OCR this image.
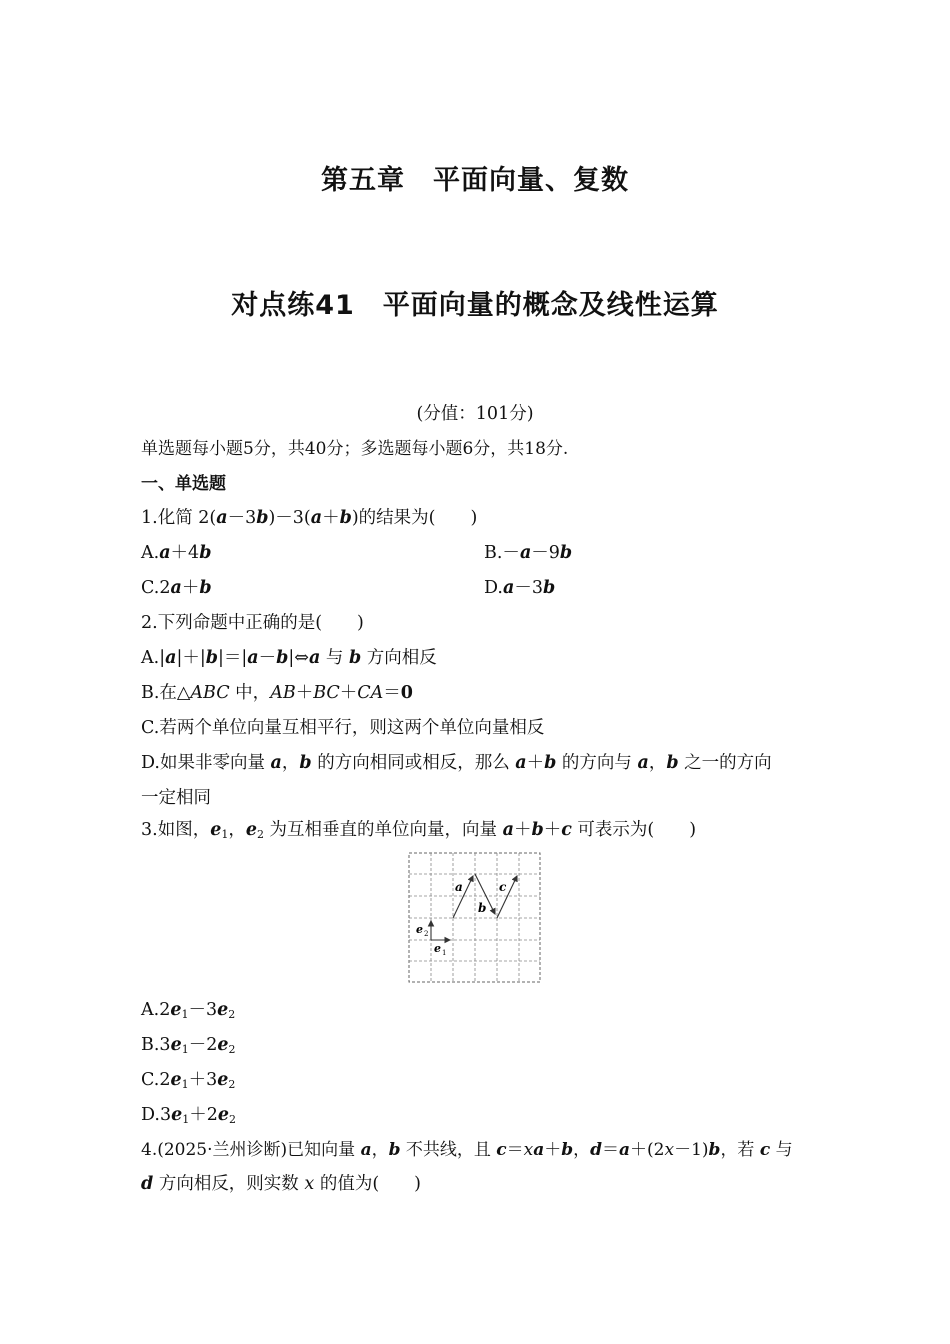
第五章　平面向量、复数
对点练41　平面向量的概念及线性运算
(分值：101分)
单选题每小题5分，共40分；多选题每小题6分，共18分.
一、单选题
1.化简 2(a－3b)－3(a＋b)的结果为(　　)
A.a＋4b	B.－a－9b
C.2a＋b	D.a－3b
2.下列命题中正确的是(　　)
A.|a|＋|b|＝|a－b|⇔a 与 b 方向相反
B.在△ABC 中，AB＋BC＋CA＝0
C.若两个单位向量互相平行，则这两个单位向量相反
D.如果非零向量 a，b 的方向相同或相反，那么 a＋b 的方向与 a，b 之一的方向
一定相同
3.如图，$e_1$，$e_2$ 为互相垂直的单位向量，向量 a＋b＋c 可表示为(　　)
a
b
c
e 2
e 1
$A.2e_1-3e_2$
$B.3e_1-2e_2$
$C.2e_1+3e_2$
$D.3e_1+2e_2$
4.(2025·兰州诊断)已知向量 a，b 不共线，且 c＝xa＋b，d＝a＋(2x－1)b，若 c 与
d 方向相反，则实数 x 的值为(　　)
